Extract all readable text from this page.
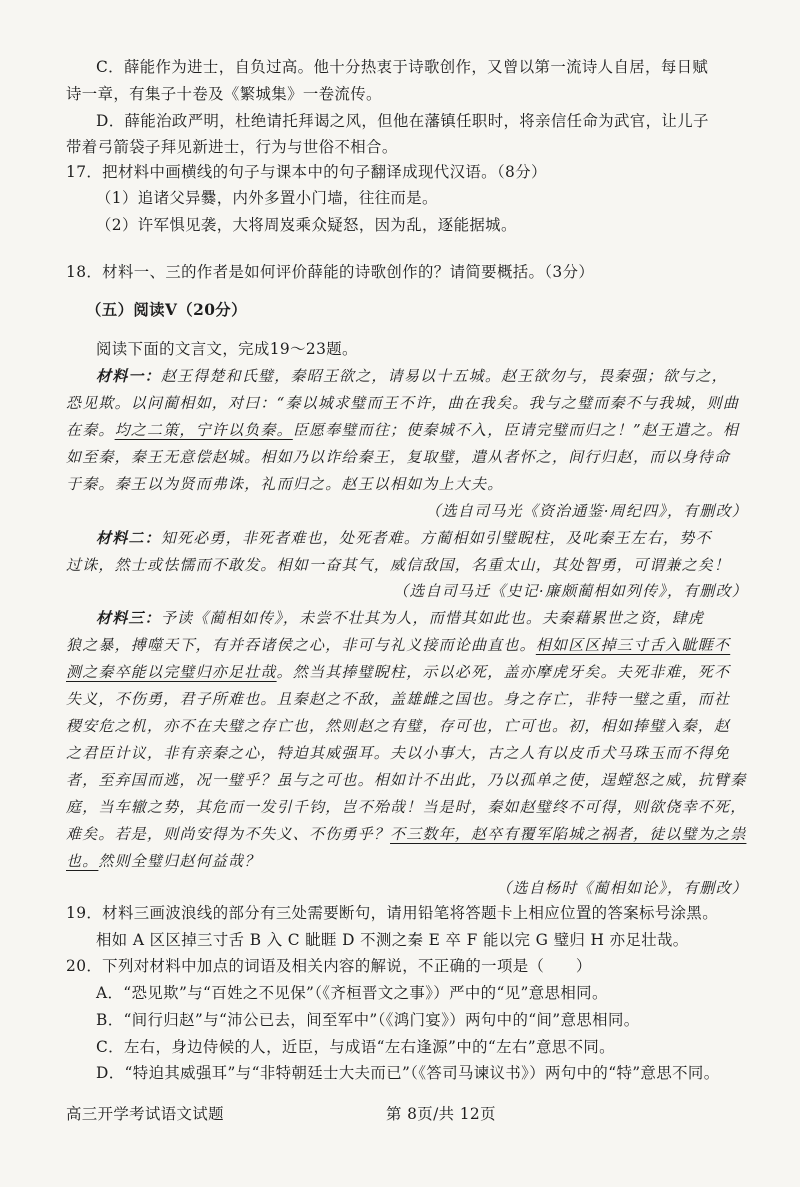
C．薛能作为进士，自负过高。他十分热衷于诗歌创作，又曾以第一流诗人自居，每日赋
诗一章，有集子十卷及《繁城集》一卷流传。
D．薛能治政严明，杜绝请托拜谒之风，但他在藩镇任职时，将亲信任命为武官，让儿子
带着弓箭袋子拜见新进士，行为与世俗不相合。
17．把材料中画横线的句子与课本中的句子翻译成现代汉语。（8分）
（1）追诸父异爨，内外多置小门墙，往往而是。
（2）许军惧见袭，大将周岌乘众疑怒，因为乱，逐能据城。
18．材料一、三的作者是如何评价薛能的诗歌创作的？请简要概括。（3分）
（五）阅读Ⅴ（20分）
阅读下面的文言文，完成19～23题。
材料一：赵王得楚和氏璧，秦昭王欲之，请易以十五城。赵王欲勿与，畏秦强；欲与之，
恐见欺。以问蔺相如，对曰：“秦以城求璧而王不许，曲在我矣。我与之璧而秦不与我城，则曲
在秦。均之二策，宁许以负秦。臣愿奉璧而往；使秦城不入，臣请完璧而归之！”赵王遣之。相
如至秦，秦王无意偿赵城。相如乃以诈给秦王，复取璧，遣从者怀之，间行归赵，而以身待命
于秦。秦王以为贤而弗诛，礼而归之。赵王以相如为上大夫。
（选自司马光《资治通鉴·周纪四》，有删改）
材料二：知死必勇，非死者难也，处死者难。方蔺相如引璧睨柱，及叱秦王左右，势不
过诛，然士或怯懦而不敢发。相如一奋其气，威信敌国，名重太山，其处智勇，可谓兼之矣！
（选自司马迁《史记·廉颇蔺相如列传》，有删改）
材料三：予读《蔺相如传》，未尝不壮其为人，而惜其如此也。夫秦藉累世之资，肆虎
狼之暴，搏噬天下，有并吞诸侯之心，非可与礼义接而论曲直也。相如区区掉三寸舌入眦睚不
测之秦卒能以完璧归亦足壮哉。然当其捧璧睨柱，示以必死，盖亦摩虎牙矣。夫死非难，死不
失义，不伤勇，君子所难也。且秦赵之不敌，盖雄雌之国也。身之存亡，非特一璧之重，而社
稷安危之机，亦不在夫璧之存亡也，然则赵之有璧，存可也，亡可也。初，相如捧璧入秦，赵
之君臣计议，非有亲秦之心，特迫其威强耳。夫以小事大，古之人有以皮币犬马珠玉而不得免
者，至弃国而逃，况一璧乎？虽与之可也。相如计不出此，乃以孤单之使，逞螳怒之威，抗臂秦
庭，当车辙之势，其危而一发引千钧，岂不殆哉！当是时，秦如赵璧终不可得，则欲侥幸不死，
难矣。若是，则尚安得为不失义、不伤勇乎？不三数年，赵卒有覆军陷城之祸者，徒以璧为之祟
也。然则全璧归赵何益哉？
（选自杨时《蔺相如论》，有删改）
19．材料三画波浪线的部分有三处需要断句，请用铅笔将答题卡上相应位置的答案标号涂黑。
相如 A 区区掉三寸舌 B 入 C 眦睚 D 不测之秦 E 卒 F 能以完 G 璧归 H 亦足壮哉。
20．下列对材料中加点的词语及相关内容的解说，不正确的一项是（　　）
A．“恐见欺”与“百姓之不见保”（《齐桓晋文之事》）严中的“见”意思相同。
B．“间行归赵”与“沛公已去，间至军中”（《鸿门宴》）两句中的“间”意思相同。
C．左右，身边侍候的人，近臣，与成语“左右逢源”中的“左右”意思不同。
D．“特迫其威强耳”与“非特朝廷士大夫而已”（《答司马谏议书》）两句中的“特”意思不同。
高三开学考试语文试题	第 8页/共 12页
